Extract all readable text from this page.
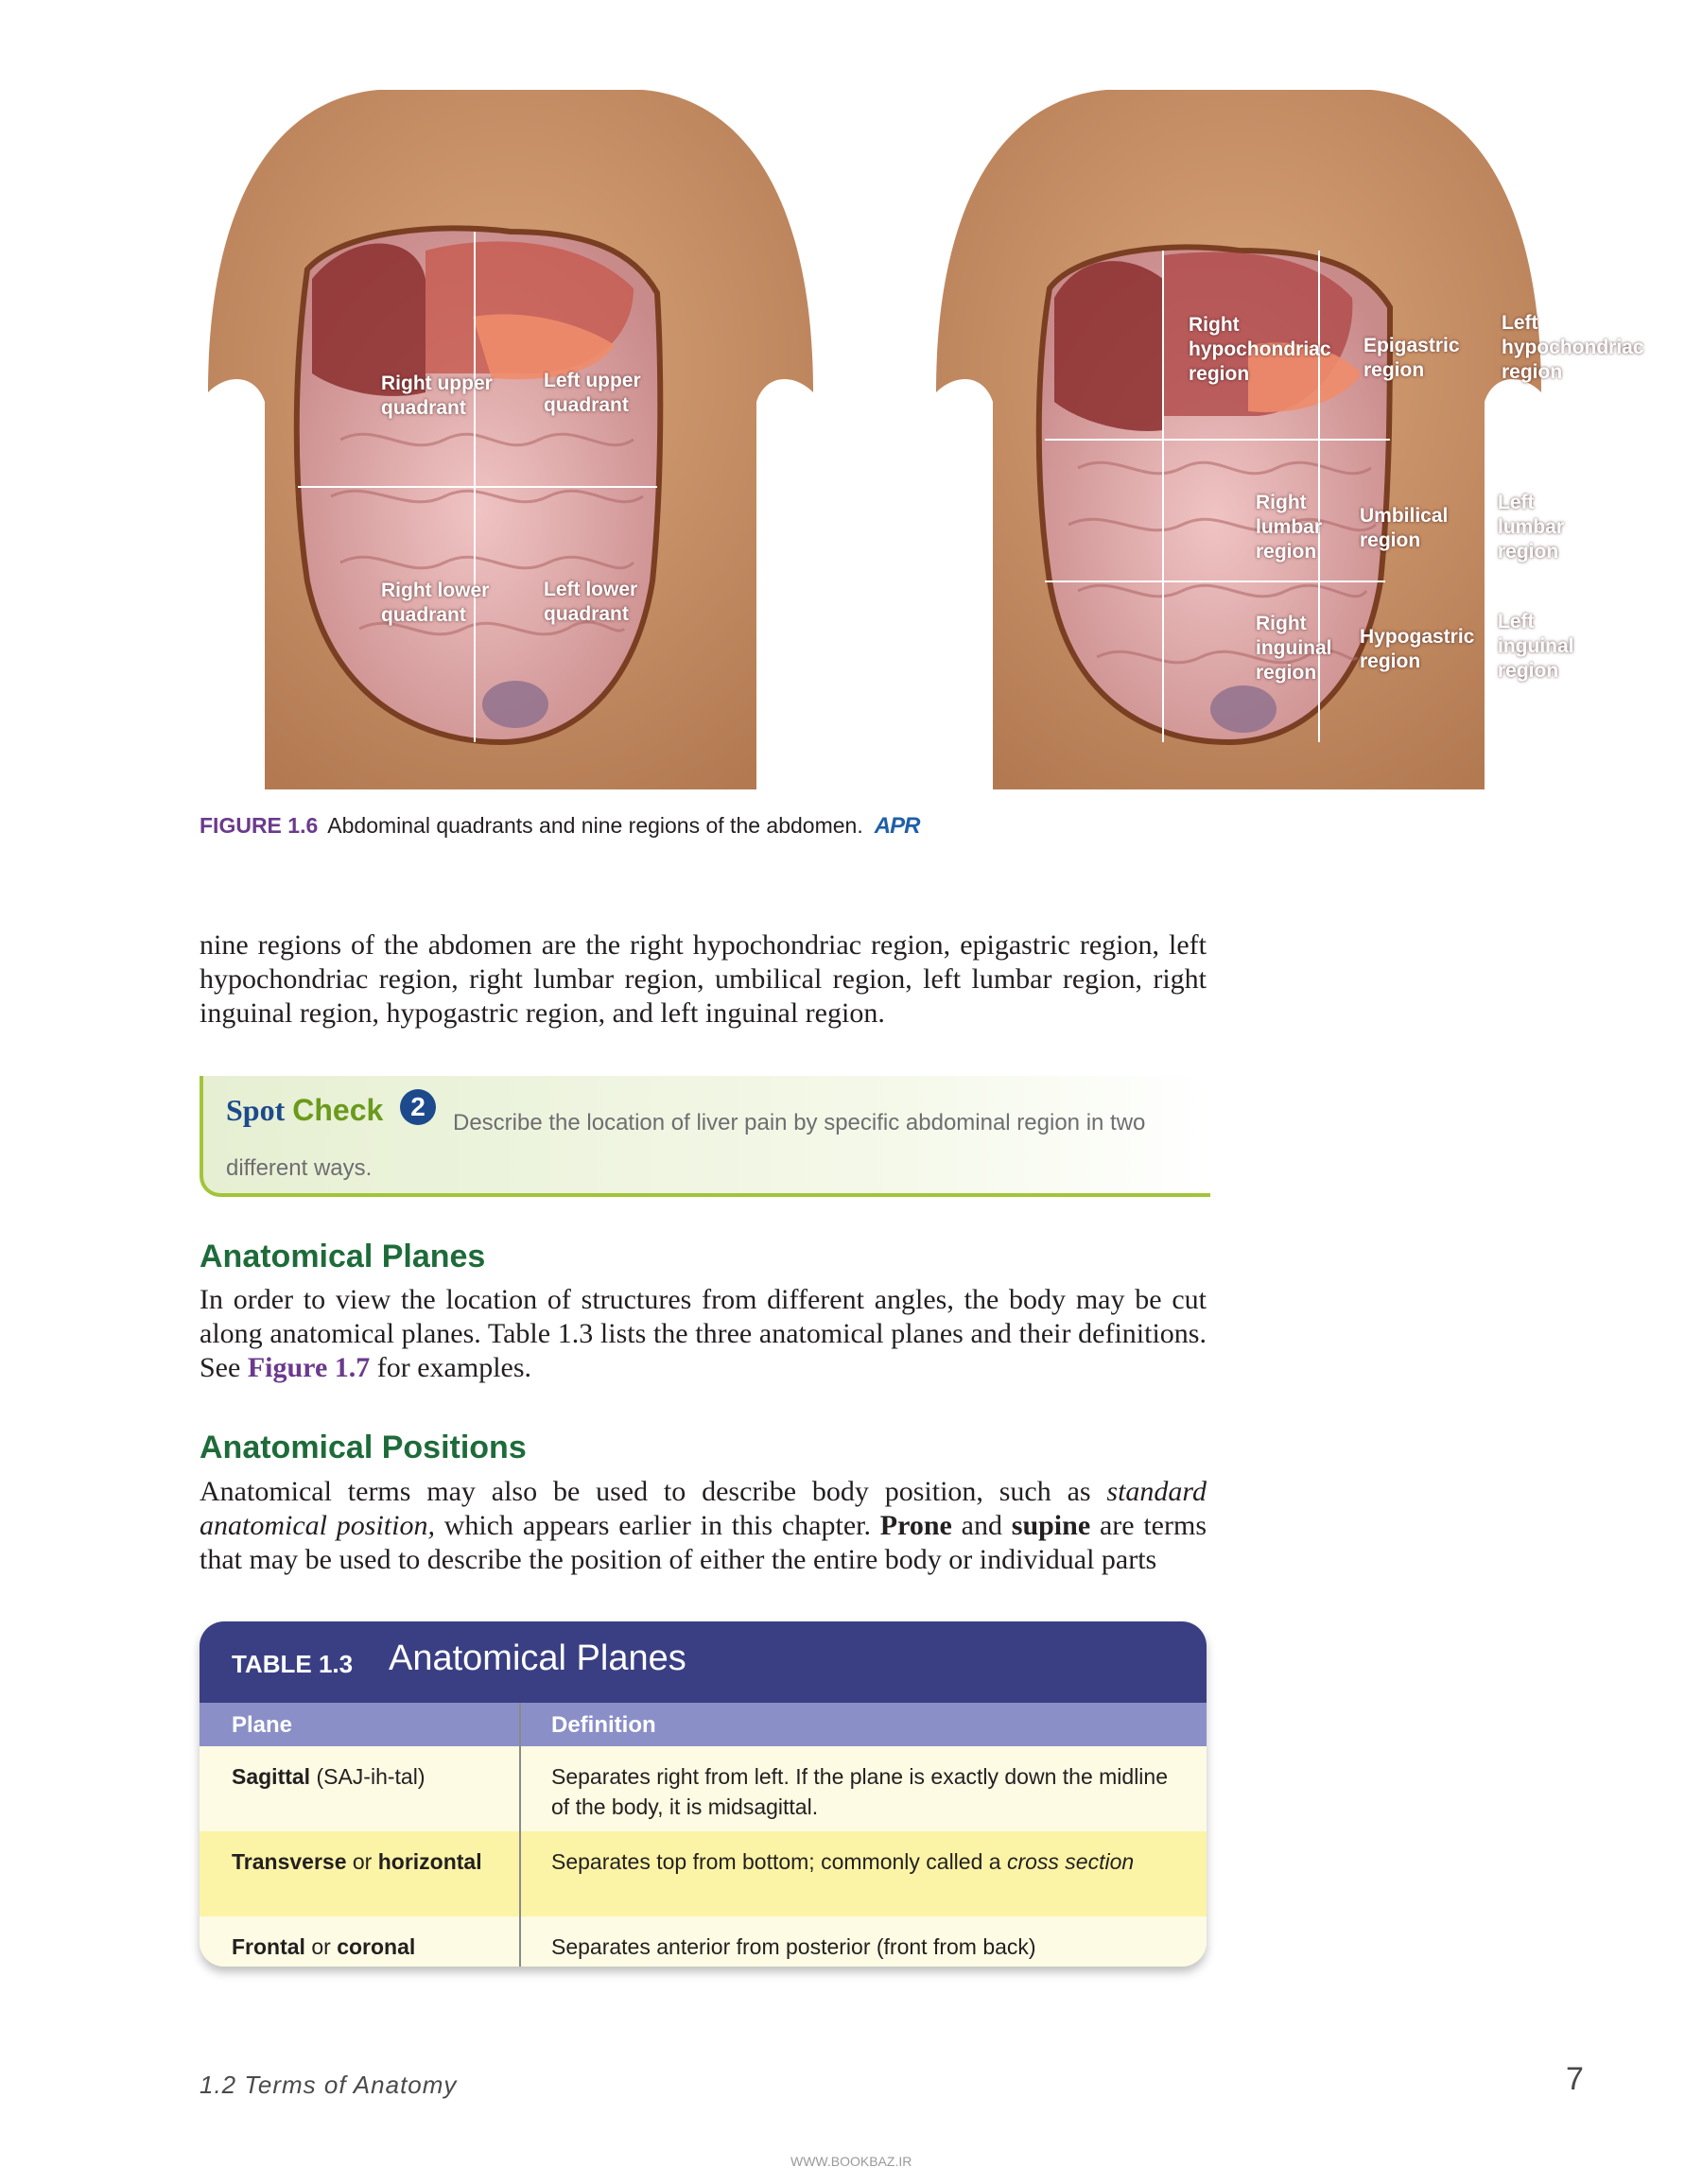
Right upper
quadrant
Left upper
quadrant
Right lower
quadrant
Left lower
quadrant
Right
hypochondriac
region
Epigastric
region
Left
hypochondriac
region
Right
lumbar
region
Umbilical
region
Left
lumbar
region
Right
inguinal
region
Hypogastric
region
Left
inguinal
region
FIGURE 1.6 Abdominal quadrants and nine regions of the abdomen. APR
nine regions of the abdomen are the right hypochondriac region, epigastric region, left hypochondriac region, right lumbar region, umbilical region, left lumbar region, right inguinal region, hypogastric region, and left inguinal region.
Describe the location of liver pain by specific abdominal region in two different ways.
Spot Check	2
Anatomical Planes
In order to view the location of structures from different angles, the body may be cut along anatomical planes. Table 1.3 lists the three anatomical planes and their definitions. See Figure 1.7 for examples.
Anatomical Positions
Anatomical terms may also be used to describe body position, such as standard anatomical position, which appears earlier in this chapter. Prone and supine are terms that may be used to describe the position of either the entire body or individual parts
TABLE 1.3 Anatomical Planes
Plane	Definition
Sagittal (SAJ-ih-tal)	Separates right from left. If the plane is exactly down the midline of the body, it is midsagittal.
Transverse or horizontal	Separates top from bottom; commonly called a cross section
Frontal or coronal	Separates anterior from posterior (front from back)
1.2 Terms of Anatomy	7
WWW.BOOKBAZ.IR
